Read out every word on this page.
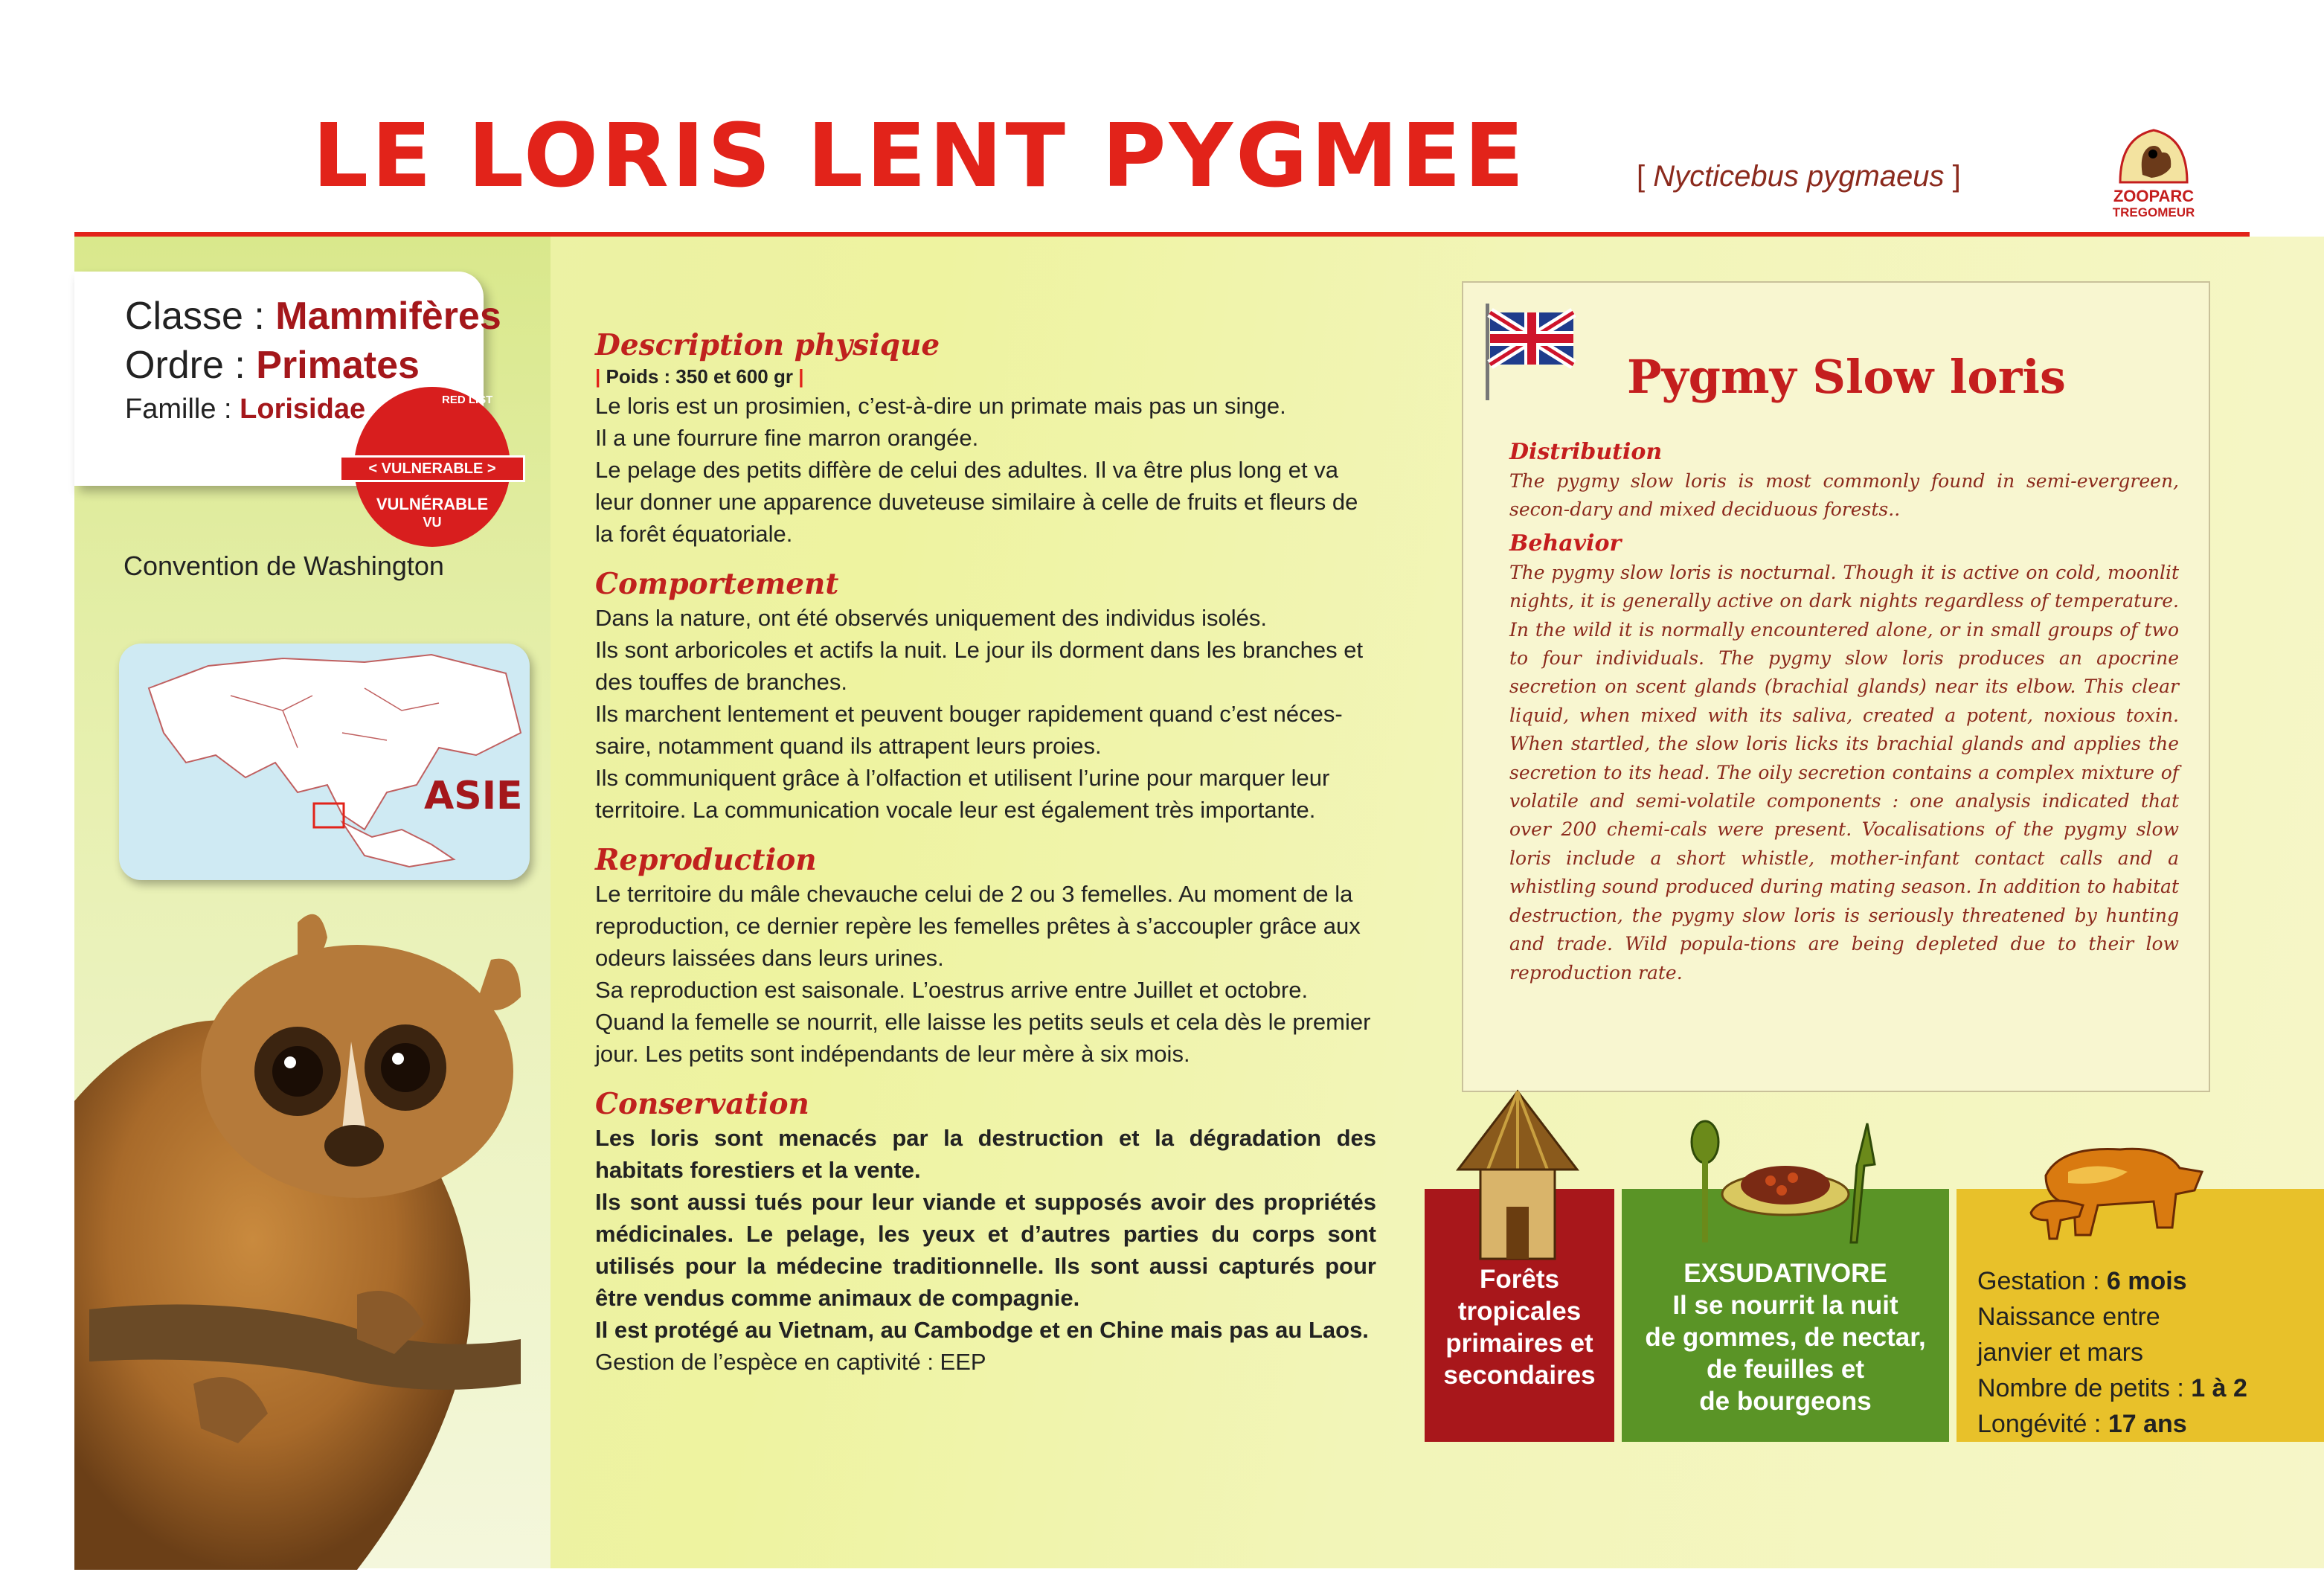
LE LORIS LENT PYGMEE	[ Nycticebus pygmaeus ]
ZOOPARC
TREGOMEUR
Classe : Mammifères
Ordre : Primates
Famille : Lorisidae	RED LIST
< VULNERABLE >
VULNÉRABLE
VU
Convention de Washington
ASIE
Description physique
| Poids : 350 et 600 gr |

Le loris est un prosimien, c’est-à-dire un primate mais pas un singe.

Il a une fourrure fine marron orangée.

Le pelage des petits diffère de celui des adultes. Il va être plus long et va leur donner une apparence duveteuse similaire à celle de fruits et fleurs de la forêt équatoriale.

Comportement

Dans la nature, ont été observés uniquement des individus isolés.

Ils sont arboricoles et actifs la nuit. Le jour ils dorment dans les branches et des touffes de branches.

Ils marchent lentement et peuvent bouger rapidement quand c’est néces-saire, notamment quand ils attrapent leurs proies.

Ils communiquent grâce à l’olfaction et utilisent l’urine pour marquer leur territoire. La communication vocale leur est également très importante.

Reproduction

Le territoire du mâle chevauche celui de 2 ou 3 femelles. Au moment de la reproduction, ce dernier repère les femelles prêtes à s’accoupler grâce aux odeurs laissées dans leurs urines.

Sa reproduction est saisonale. L’oestrus arrive entre Juillet et octobre.

Quand la femelle se nourrit, elle laisse les petits seuls et cela dès le premier jour. Les petits sont indépendants de leur mère à six mois.

Conservation

Les loris sont menacés par la destruction et la dégradation des habitats forestiers et la vente.

Ils sont aussi tués pour leur viande et supposés avoir des propriétés médicinales. Le pelage, les yeux et d’autres parties du corps sont utilisés pour la médecine traditionnelle. Ils sont aussi capturés pour être vendus comme animaux de compagnie.

Il est protégé au Vietnam, au Cambodge et en Chine mais pas au Laos.

Gestion de l’espèce en captivité : EEP

Pygmy Slow loris
Distribution

The pygmy slow loris is most commonly found in semi-evergreen, secon-dary and mixed deciduous forests..

Behavior

The pygmy slow loris is nocturnal. Though it is active on cold, moonlit nights, it is generally active on dark nights regardless of temperature. In the wild it is normally encountered alone, or in small groups of two to four individuals. The pygmy slow loris produces an apocrine secretion on scent glands (brachial glands) near its elbow. This clear liquid, when mixed with its saliva, created a potent, noxious toxin. When startled, the slow loris licks its brachial glands and applies the secretion to its head. The oily secretion contains a complex mixture of volatile and semi-volatile components : one analysis indicated that over 200 chemi-cals were present. Vocalisations of the pygmy slow loris include a short whistle, mother-infant contact calls and a whistling sound produced during mating season. In addition to habitat destruction, the pygmy slow loris is seriously threatened by hunting and trade. Wild popula-tions are being depleted due to their low reproduction rate.

Forêts
tropicales
primaires et
secondaires
EXSUDATIVORE
Il se nourrit la nuit
de gommes, de nectar,
de feuilles et
de bourgeons
Gestation : 6 mois
Naissance entre
janvier et mars
Nombre de petits : 1 à 2
Longévité : 17 ans
